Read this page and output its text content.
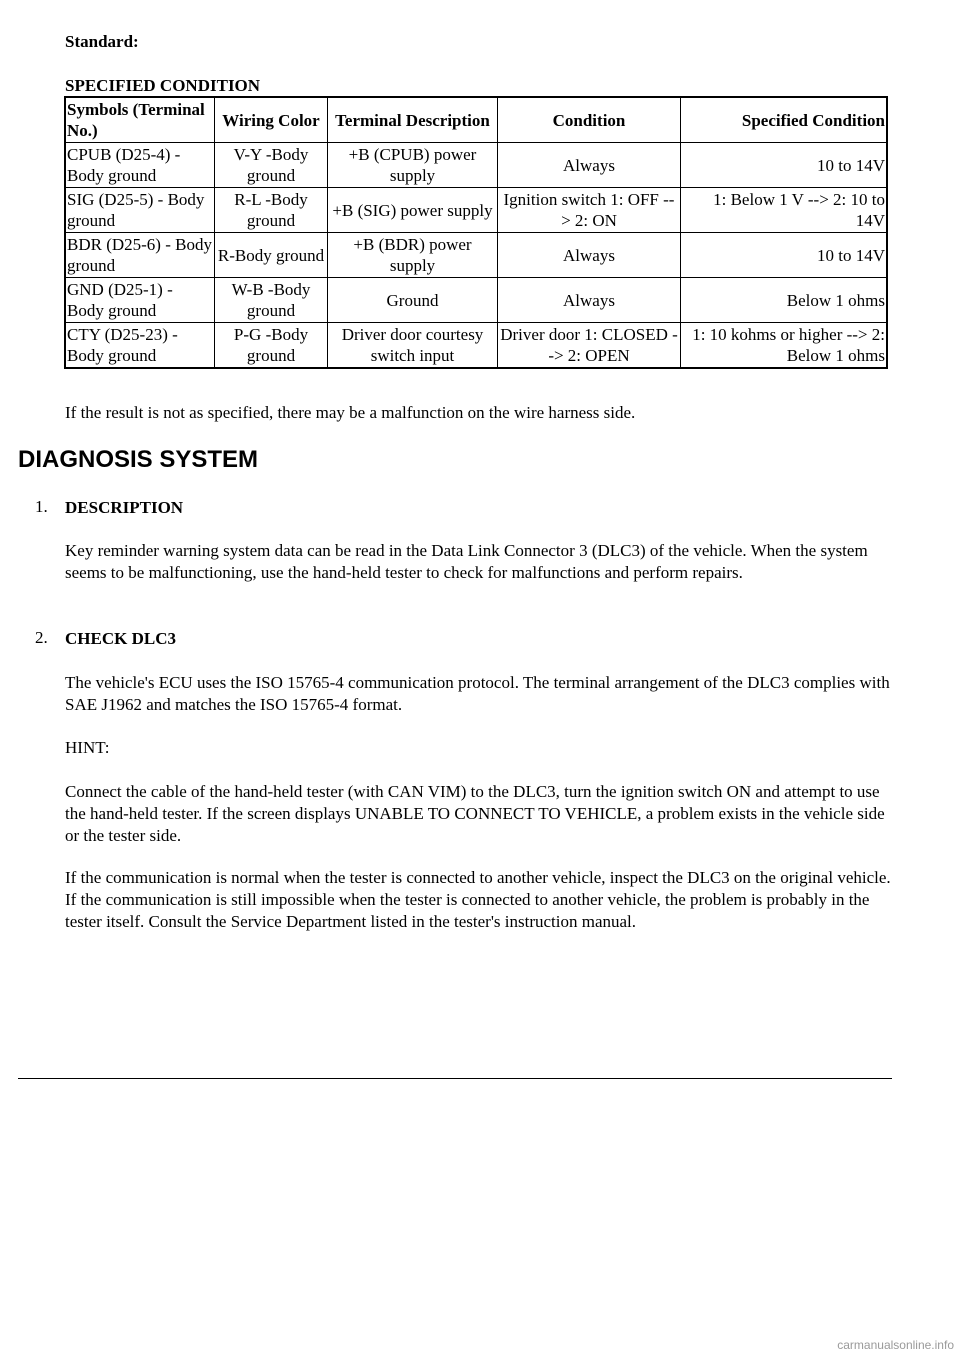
Standard:

SPECIFIED CONDITION

Symbols (Terminal No.)	Wiring Color	Terminal Description	Condition	Specified Condition
CPUB (D25-4) - Body ground	V-Y -Body ground	+B (CPUB) power supply	Always	10 to 14V
SIG (D25-5) - Body ground	R-L -Body ground	+B (SIG) power supply	Ignition switch 1: OFF --> 2: ON	1: Below 1 V --> 2: 10 to 14V
BDR (D25-6) - Body ground	R-Body ground	+B (BDR) power supply	Always	10 to 14V
GND (D25-1) - Body ground	W-B -Body ground	Ground	Always	Below 1 ohms
CTY (D25-23) - Body ground	P-G -Body ground	Driver door courtesy switch input	Driver door 1: CLOSED --> 2: OPEN	1: 10 kohms or higher --> 2: Below 1 ohms

If the result is not as specified, there may be a malfunction on the wire harness side.

DIAGNOSIS SYSTEM
1. DESCRIPTION

Key reminder warning system data can be read in the Data Link Connector 3 (DLC3) of the vehicle. When the system seems to be malfunctioning, use the hand-held tester to check for malfunctions and perform repairs.

2. CHECK DLC3

The vehicle's ECU uses the ISO 15765-4 communication protocol. The terminal arrangement of the DLC3 complies with SAE J1962 and matches the ISO 15765-4 format.

HINT:

Connect the cable of the hand-held tester (with CAN VIM) to the DLC3, turn the ignition switch ON and attempt to use the hand-held tester. If the screen displays UNABLE TO CONNECT TO VEHICLE, a problem exists in the vehicle side or the tester side.

If the communication is normal when the tester is connected to another vehicle, inspect the DLC3 on the original vehicle. If the communication is still impossible when the tester is connected to another vehicle, the problem is probably in the tester itself. Consult the Service Department listed in the tester's instruction manual.

carmanualsonline.info
